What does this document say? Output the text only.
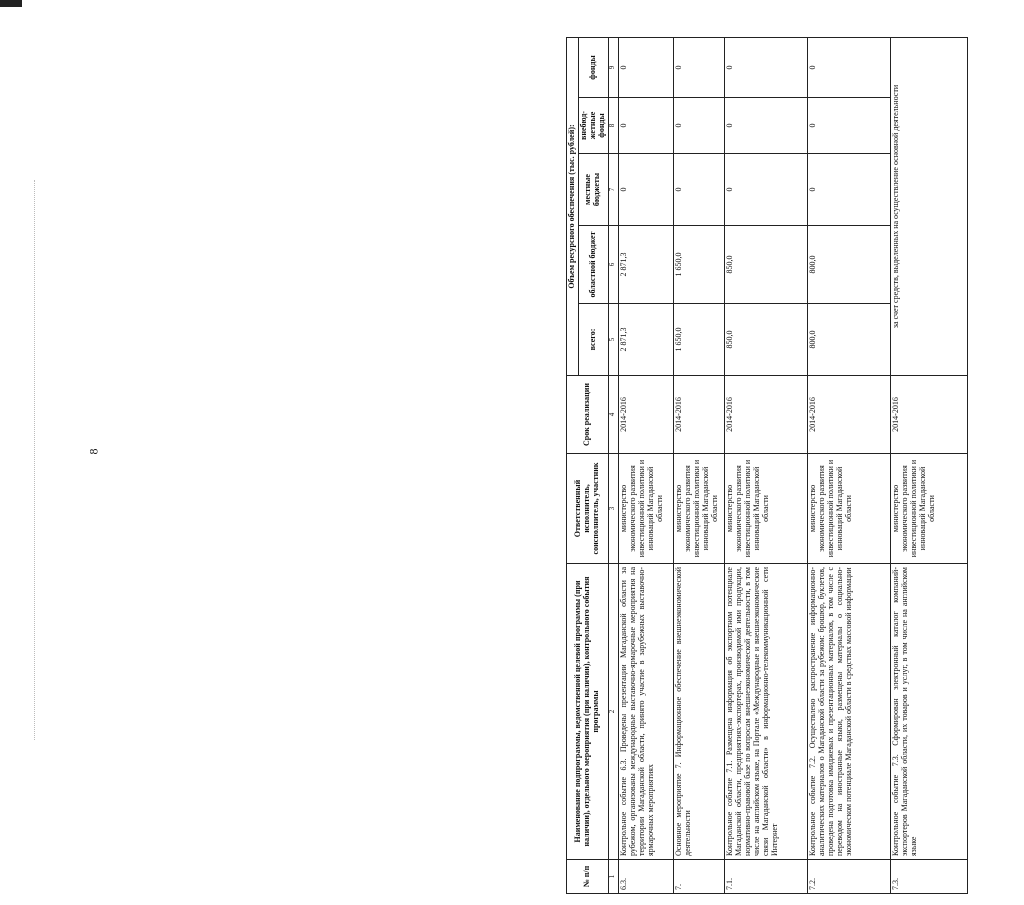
8
№ п/п	Наименование подпрограммы, ведомственной целевой программы (при наличии), отдельного мероприятия (при наличии), контрольного события программы	Ответственный исполнитель, соисполнитель, участник	Срок реализации	Объем ресурсного обеспечения (тыс. рублей):				
				всего:	областной бюджет	местные бюджеты	внебюд-жетные фонды	фонды
1	2	3	4	5	6	7	8	9
6.3.	Контрольное событие 6.3. Проведены презентации Магаданской области за рубежом, организованы международные выставочно-ярмарочные мероприятия на территории Магаданской области, принято участие в зарубежных выставочно-ярмарочных мероприятиях	министерство экономического развития инвестиционной политики и инноваций Магаданской области	2014-2016	2 871,3	2 871,3	0	0	0
7.	Основное мероприятие 7. Информационное обеспечение внешнеэкономической деятельности	министерство экономического развития инвестиционной политики и инноваций Магаданской области	2014-2016	1 650,0	1 650,0	0	0	0
7.1.	Контрольное событие 7.1. Размещена информация об экспортном потенциале Магаданской области, предприятиях-экспортерах, производимой ими продукции, нормативно-правовой базе по вопросам внешнеэкономической деятельности, в том числе на английском языке, на Портале «Международные и внешнеэкономические связи Магаданской области» в информационно-телекоммуникационной сети Интернет	министерство экономического развития инвестиционной политики и инноваций Магаданской области	2014-2016	850,0	850,0	0	0	0
7.2.	Контрольное событие 7.2. Осуществлено распространение информационно-аналитических материалов о Магаданской области за рубежом: брошюр, буклетов, проведена подготовка имиджевых и презентационных материалов, в том числе с переводом на иностранные языки, размещены материалы о социально-экономическом потенциале Магаданской области в средствах массовой информации	министерство экономического развития инвестиционной политики и инноваций Магаданской области	2014-2016	800,0	800,0	0	0	0
7.3.	Контрольное событие 7.3. Сформирован электронный каталог компаний-экспортеров Магаданской области, их товаров и услуг, в том числе на английском языке	министерство экономического развития инвестиционной политики и инноваций Магаданской области	2014-2016	за счет средств, выделенных на осуществление основной деятельности				
